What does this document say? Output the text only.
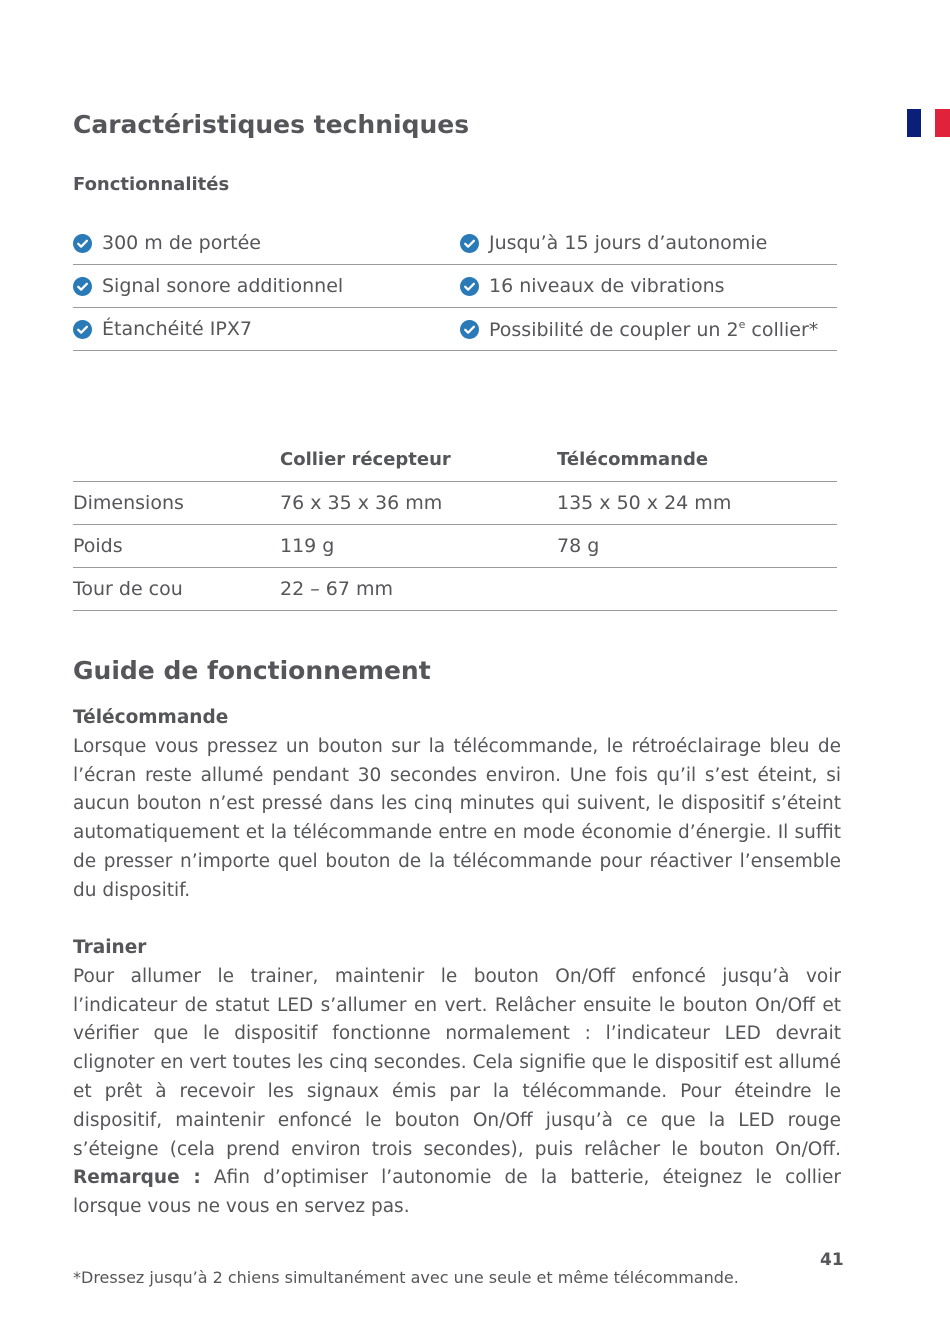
Caractéristiques techniques
Fonctionnalités
300 m de portée	Jusqu’à 15 jours d’autonomie
Signal sonore additionnel	16 niveaux de vibrations
Étanchéité IPX7	Possibilité de coupler un 2e collier*
	Collier récepteur	Télécommande
Dimensions	76 x 35 x 36 mm	135 x 50 x 24 mm
Poids	119 g	78 g
Tour de cou	22 – 67 mm	
Guide de fonctionnement
Télécommande
Lorsque vous pressez un bouton sur la télécommande, le rétroéclairage bleu de l’écran reste allumé pendant 30 secondes environ. Une fois qu’il s’est éteint, si aucun bouton n’est pressé dans les cinq minutes qui suivent, le dispositif s’éteint automatiquement et la télécommande entre en mode économie d’énergie. Il suffit de presser n’importe quel bouton de la télécommande pour réactiver l’ensemble du dispositif.
Trainer
Pour allumer le trainer, maintenir le bouton On/Off enfoncé jusqu’à voir l’indicateur de statut LED s’allumer en vert. Relâcher ensuite le bouton On/Off et vérifier que le dispositif fonctionne normalement : l’indicateur LED devrait clignoter en vert toutes les cinq secondes. Cela signifie que le dispositif est allumé et prêt à recevoir les signaux émis par la télécommande. Pour éteindre le dispositif, maintenir enfoncé le bouton On/Off jusqu’à ce que la LED rouge s’éteigne (cela prend environ trois secondes), puis relâcher le bouton On/Off. Remarque : Afin d’optimiser l’autonomie de la batterie, éteignez le collier lorsque vous ne vous en servez pas.
41
*Dressez jusqu’à 2 chiens simultanément avec une seule et même télécommande.
